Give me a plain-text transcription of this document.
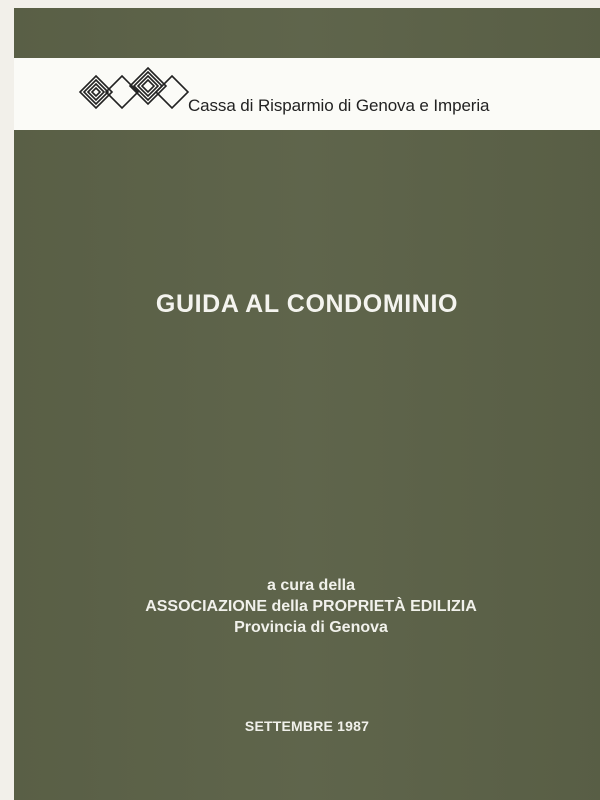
Cassa di Risparmio di Genova e Imperia
GUIDA AL CONDOMINIO
a cura della
ASSOCIAZIONE della PROPRIETÀ EDILIZIA
Provincia di Genova
SETTEMBRE 1987
